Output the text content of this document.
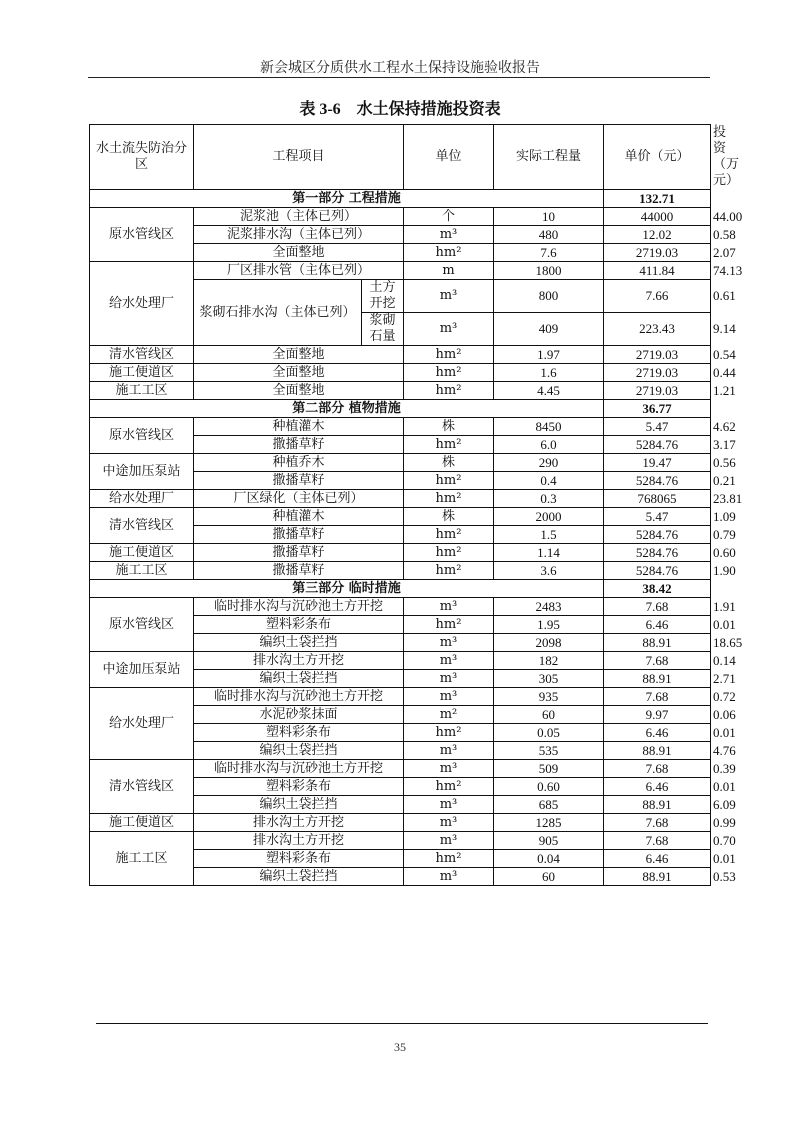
新会城区分质供水工程水土保持设施验收报告
表 3-6 水土保持措施投资表
水土流失防治分区	工程项目		单位	实际工程量	单价（元）	投资（万元）
第一部分 工程措施					132.71	
原水管线区	泥浆池（主体已列）		个	10	44000	44.00
	泥浆排水沟（主体已列）		m³	480	12.02	0.58
	全面整地		hm²	7.6	2719.03	2.07
给水处理厂	厂区排水管（主体已列）		m	1800	411.84	74.13
	浆砌石排水沟（主体已列）	土方开挖	m³	800	7.66	0.61
		浆砌石量	m³	409	223.43	9.14
清水管线区	全面整地		hm²	1.97	2719.03	0.54
施工便道区	全面整地		hm²	1.6	2719.03	0.44
施工工区	全面整地		hm²	4.45	2719.03	1.21
第二部分 植物措施					36.77	
原水管线区	种植灌木		株	8450	5.47	4.62
	撒播草籽		hm²	6.0	5284.76	3.17
中途加压泵站	种植乔木		株	290	19.47	0.56
	撒播草籽		hm²	0.4	5284.76	0.21
给水处理厂	厂区绿化（主体已列）		hm²	0.3	768065	23.81
清水管线区	种植灌木		株	2000	5.47	1.09
	撒播草籽		hm²	1.5	5284.76	0.79
施工便道区	撒播草籽		hm²	1.14	5284.76	0.60
施工工区	撒播草籽		hm²	3.6	5284.76	1.90
第三部分 临时措施					38.42	
原水管线区	临时排水沟与沉砂池土方开挖		m³	2483	7.68	1.91
	塑料彩条布		hm²	1.95	6.46	0.01
	编织土袋拦挡		m³	2098	88.91	18.65
中途加压泵站	排水沟土方开挖		m³	182	7.68	0.14
	编织土袋拦挡		m³	305	88.91	2.71
给水处理厂	临时排水沟与沉砂池土方开挖		m³	935	7.68	0.72
	水泥砂浆抹面		m²	60	9.97	0.06
	塑料彩条布		hm²	0.05	6.46	0.01
	编织土袋拦挡		m³	535	88.91	4.76
清水管线区	临时排水沟与沉砂池土方开挖		m³	509	7.68	0.39
	塑料彩条布		hm²	0.60	6.46	0.01
	编织土袋拦挡		m³	685	88.91	6.09
施工便道区	排水沟土方开挖		m³	1285	7.68	0.99
施工工区	排水沟土方开挖		m³	905	7.68	0.70
	塑料彩条布		hm²	0.04	6.46	0.01
	编织土袋拦挡		m³	60	88.91	0.53
35
